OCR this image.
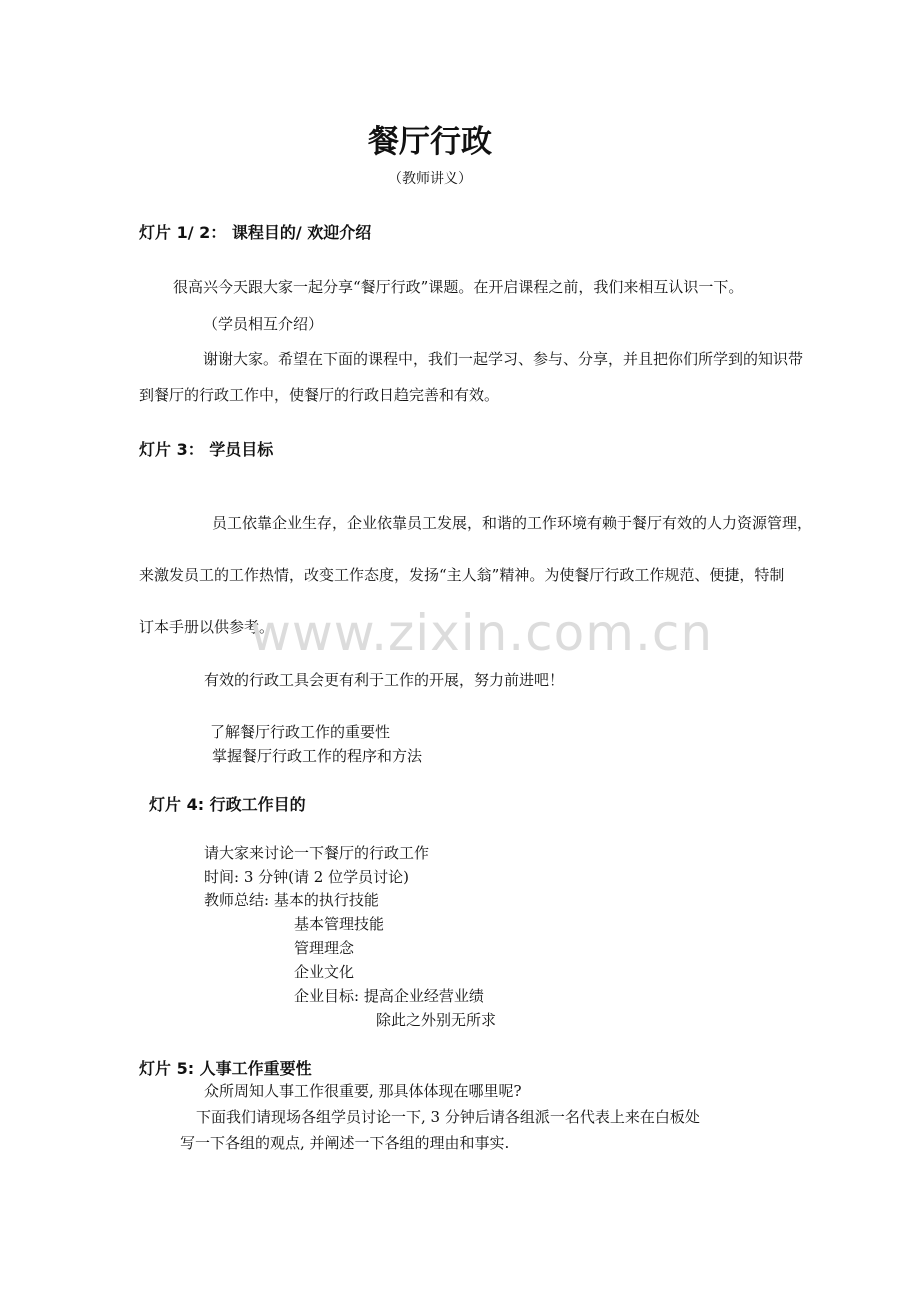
餐厅行政
（教师讲义）
灯片 1/ 2： 课程目的/ 欢迎介绍
很高兴今天跟大家一起分享“餐厅行政”课题。在开启课程之前，我们来相互认识一下。
（学员相互介绍）
谢谢大家。希望在下面的课程中，我们一起学习、参与、分享，并且把你们所学到的知识带
到餐厅的行政工作中，使餐厅的行政日趋完善和有效。
灯片 3： 学员目标
员工依靠企业生存，企业依靠员工发展，和谐的工作环境有赖于餐厅有效的人力资源管理，
来激发员工的工作热情，改变工作态度，发扬“主人翁”精神。为使餐厅行政工作规范、便捷，特制
订本手册以供参考。
有效的行政工具会更有利于工作的开展，努力前进吧！
了解餐厅行政工作的重要性
掌握餐厅行政工作的程序和方法
灯片 4: 行政工作目的
请大家来讨论一下餐厅的行政工作
时间: 3 分钟(请 2 位学员讨论)
教师总结: 基本的执行技能
基本管理技能
管理理念
企业文化
企业目标: 提高企业经营业绩
除此之外别无所求
灯片 5: 人事工作重要性
众所周知人事工作很重要, 那具体体现在哪里呢?
下面我们请现场各组学员讨论一下, 3 分钟后请各组派一名代表上来在白板处
写一下各组的观点, 并阐述一下各组的理由和事实.
www.zixin.com.cn
